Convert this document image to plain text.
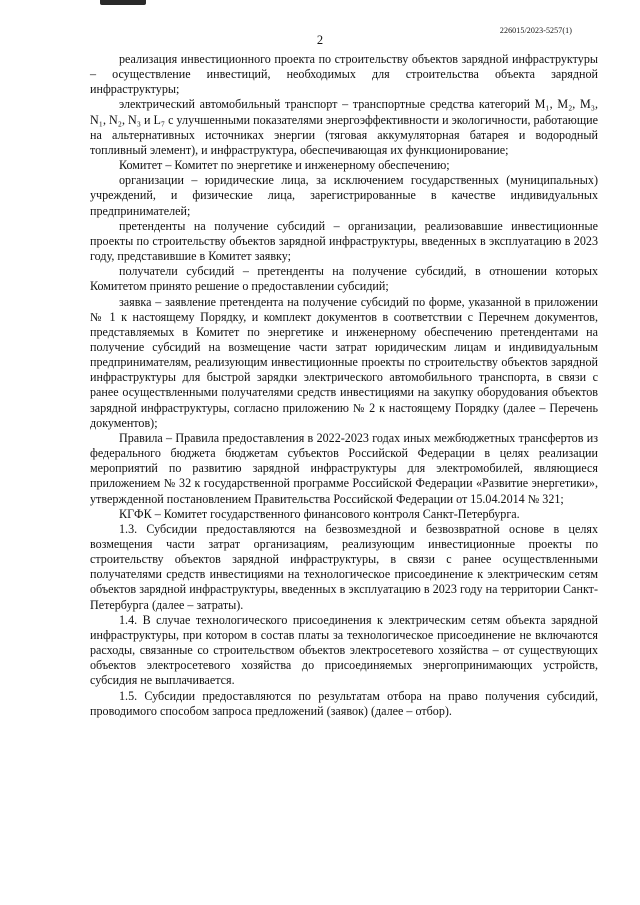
226015/2023-5257(1)
2

реализация инвестиционного проекта по строительству объектов зарядной инфраструктуры – осуществление инвестиций, необходимых для строительства объекта зарядной инфраструктуры;

электрический автомобильный транспорт – транспортные средства категорий M₁, M₂, M₃, N₁, N₂, N₃ и L₇ с улучшенными показателями энергоэффективности и экологичности, работающие на альтернативных источниках энергии (тяговая аккумуляторная батарея и водородный топливный элемент), и инфраструктура, обеспечивающая их функционирование;

Комитет – Комитет по энергетике и инженерному обеспечению;

организации – юридические лица, за исключением государственных (муниципальных) учреждений, и физические лица, зарегистрированные в качестве индивидуальных предпринимателей;

претенденты на получение субсидий – организации, реализовавшие инвестиционные проекты по строительству объектов зарядной инфраструктуры, введенных в эксплуатацию в 2023 году, представившие в Комитет заявку;

получатели субсидий – претенденты на получение субсидий, в отношении которых Комитетом принято решение о предоставлении субсидий;

заявка – заявление претендента на получение субсидий по форме, указанной в приложении № 1 к настоящему Порядку, и комплект документов в соответствии с Перечнем документов, представляемых в Комитет по энергетике и инженерному обеспечению претендентами на получение субсидий на возмещение части затрат юридическим лицам и индивидуальным предпринимателям, реализующим инвестиционные проекты по строительству объектов зарядной инфраструктуры для быстрой зарядки электрического автомобильного транспорта, в связи с ранее осуществленными получателями средств инвестициями на закупку оборудования объектов зарядной инфраструктуры, согласно приложению № 2 к настоящему Порядку (далее – Перечень документов);

Правила – Правила предоставления в 2022-2023 годах иных межбюджетных трансфертов из федерального бюджета бюджетам субъектов Российской Федерации в целях реализации мероприятий по развитию зарядной инфраструктуры для электромобилей, являющиеся приложением № 32 к государственной программе Российской Федерации «Развитие энергетики», утвержденной постановлением Правительства Российской Федерации от 15.04.2014 № 321;

КГФК – Комитет государственного финансового контроля Санкт-Петербурга.

1.3. Субсидии предоставляются на безвозмездной и безвозвратной основе в целях возмещения части затрат организациям, реализующим инвестиционные проекты по строительству объектов зарядной инфраструктуры, в связи с ранее осуществленными получателями средств инвестициями на технологическое присоединение к электрическим сетям объектов зарядной инфраструктуры, введенных в эксплуатацию в 2023 году на территории Санкт-Петербурга (далее – затраты).

1.4. В случае технологического присоединения к электрическим сетям объекта зарядной инфраструктуры, при котором в состав платы за технологическое присоединение не включаются расходы, связанные со строительством объектов электросетевого хозяйства – от существующих объектов электросетевого хозяйства до присоединяемых энергопринимающих устройств, субсидия не выплачивается.

1.5. Субсидии предоставляются по результатам отбора на право получения субсидий, проводимого способом запроса предложений (заявок) (далее – отбор).
